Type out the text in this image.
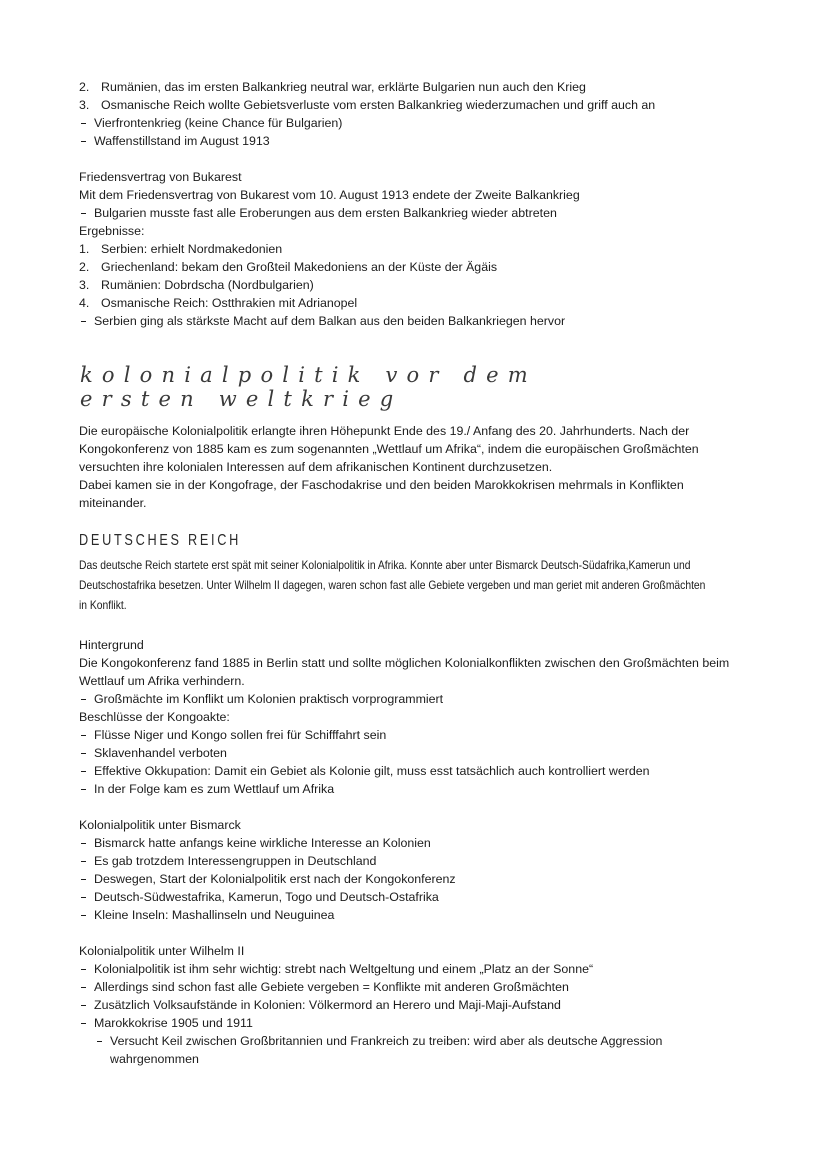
2. Rumänien, das im ersten Balkankrieg neutral war, erklärte Bulgarien nun auch den Krieg
3. Osmanische Reich wollte Gebietsverluste vom ersten Balkankrieg wiederzumachen und griff auch an
Vierfrontenkrieg (keine Chance für Bulgarien)
Waffenstillstand im August 1913
Friedensvertrag von Bukarest
Mit dem Friedensvertrag von Bukarest vom 10. August 1913 endete der Zweite Balkankrieg
Bulgarien musste fast alle Eroberungen aus dem ersten Balkankrieg wieder abtreten
Ergebnisse:
1. Serbien: erhielt Nordmakedonien
2. Griechenland: bekam den Großteil Makedoniens an der Küste der Ägäis
3. Rumänien: Dobrdscha (Nordbulgarien)
4. Osmanische Reich: Ostthrakien mit Adrianopel
Serbien ging als stärkste Macht auf dem Balkan aus den beiden Balkankriegen hervor
kolonialpolitik vor dem
ersten weltkrieg
Die europäische Kolonialpolitik erlangte ihren Höhepunkt Ende des 19./ Anfang des 20. Jahrhunderts. Nach der
Kongokonferenz von 1885 kam es zum sogenannten „Wettlauf um Afrika“, indem die europäischen Großmächten
versuchten ihre kolonialen Interessen auf dem afrikanischen Kontinent durchzusetzen.
Dabei kamen sie in der Kongofrage, der Faschodakrise und den beiden Marokkokrisen mehrmals in Konflikten
miteinander.
DEUTSCHES REICH
Das deutsche Reich startete erst spät mit seiner Kolonialpolitik in Afrika. Konnte aber unter Bismarck Deutsch-Südafrika,Kamerun und
Deutschostafrika besetzen. Unter Wilhelm II dagegen, waren schon fast alle Gebiete vergeben und man geriet mit anderen Großmächten
in Konflikt.
Hintergrund
Die Kongokonferenz fand 1885 in Berlin statt und sollte möglichen Kolonialkonflikten zwischen den Großmächten beim
Wettlauf um Afrika verhindern.
Großmächte im Konflikt um Kolonien praktisch vorprogrammiert
Beschlüsse der Kongoakte:
Flüsse Niger und Kongo sollen frei für Schifffahrt sein
Sklavenhandel verboten
Effektive Okkupation: Damit ein Gebiet als Kolonie gilt, muss esst tatsächlich auch kontrolliert werden
In der Folge kam es zum Wettlauf um Afrika
Kolonialpolitik unter Bismarck
Bismarck hatte anfangs keine wirkliche Interesse an Kolonien
Es gab trotzdem Interessengruppen in Deutschland
Deswegen, Start der Kolonialpolitik erst nach der Kongokonferenz
Deutsch-Südwestafrika, Kamerun, Togo und Deutsch-Ostafrika
Kleine Inseln: Mashallinseln und Neuguinea
Kolonialpolitik unter Wilhelm II
Kolonialpolitik ist ihm sehr wichtig: strebt nach Weltgeltung und einem „Platz an der Sonne“
Allerdings sind schon fast alle Gebiete vergeben = Konflikte mit anderen Großmächten
Zusätzlich Volksaufstände in Kolonien: Völkermord an Herero und Maji-Maji-Aufstand
Marokkokrise 1905 und 1911
Versucht Keil zwischen Großbritannien und Frankreich zu treiben: wird aber als deutsche Aggression
wahrgenommen
